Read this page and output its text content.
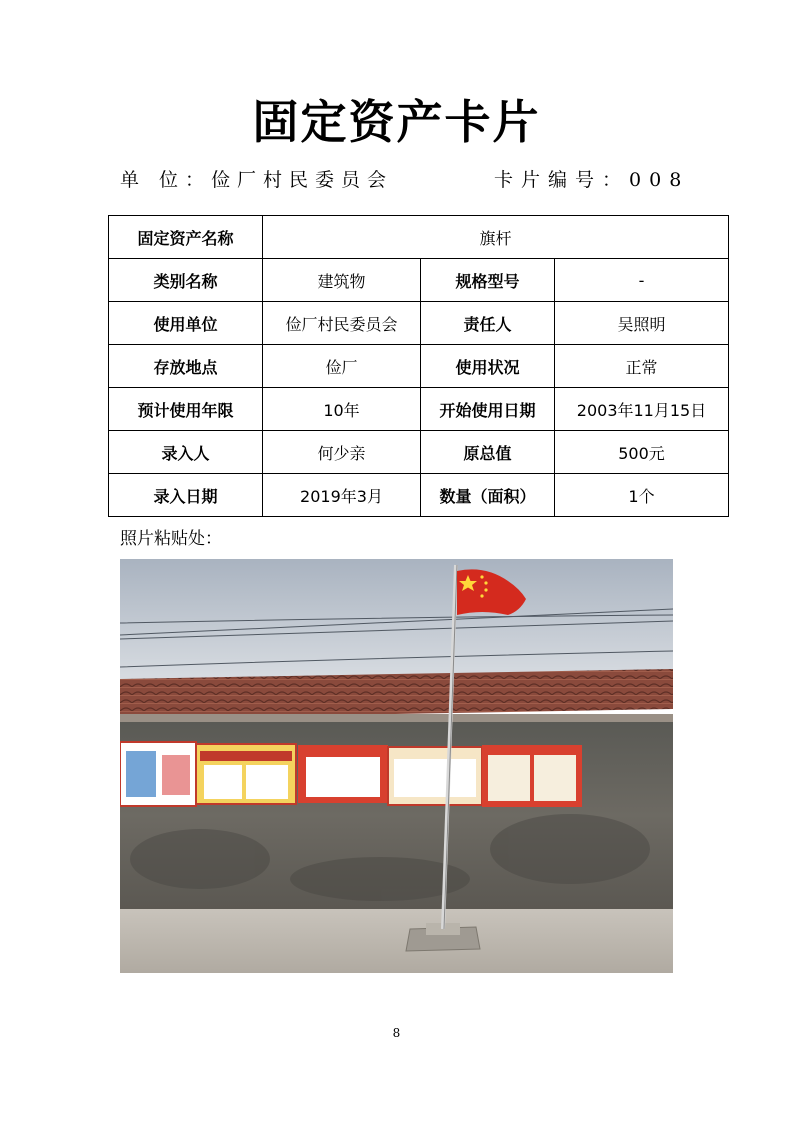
固定资产卡片
单 位：俭厂村民委员会	卡片编号：008
固定资产名称	旗杆		
类别名称	建筑物	规格型号	-
使用单位	俭厂村民委员会	责任人	吴照明
存放地点	俭厂	使用状况	正常
预计使用年限	10年	开始使用日期	2003年11月15日
录入人	何少亲	原总值	500元
录入日期	2019年3月	数量（面积）	1个
照片粘贴处：
8
